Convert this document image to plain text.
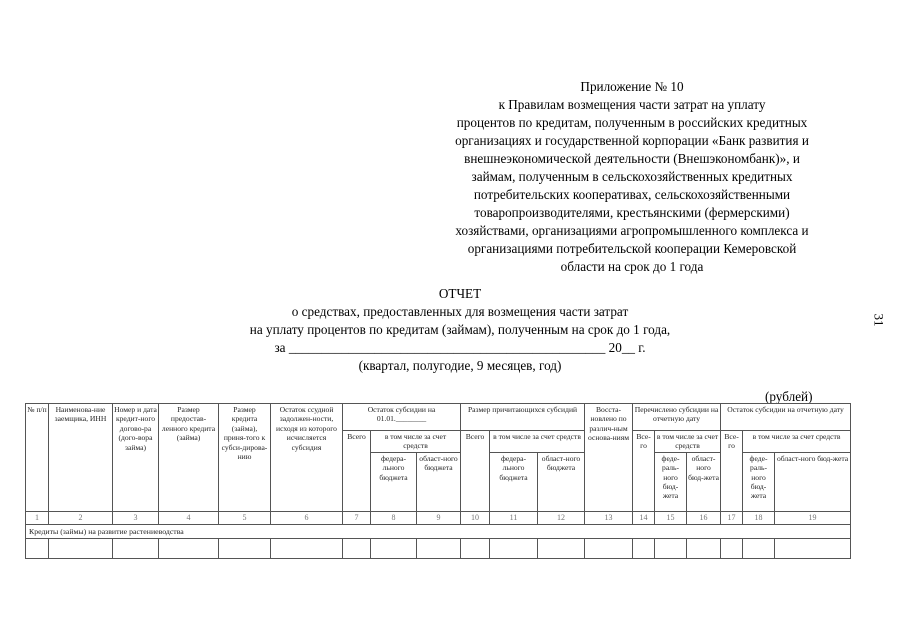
Приложение № 10
к Правилам возмещения части затрат на уплату
процентов по кредитам, полученным в российских кредитных
организациях и государственной корпорации «Банк развития и
внешнеэкономической деятельности (Внешэкономбанк)», и
займам, полученным в сельскохозяйственных кредитных
потребительских кооперативах, сельскохозяйственными
товаропроизводителями, крестьянскими (фермерскими)
хозяйствами, организациями агропромышленного комплекса и
организациями потребительской кооперации Кемеровской
области на срок до 1 года
ОТЧЕТ
о средствах, предоставленных для возмещения части затрат
на уплату процентов по кредитам (займам), полученным на срок до 1 года,
за ________________________________________________ 20__ г.
(квартал, полугодие, 9 месяцев, год)
31
(рублей)
№ п/п	Наименова-ние заемщика, ИНН	Номер и дата кредит-ного догово-ра (дого-вора займа)	Размер предостав-ленного кредита (займа)	Размер кредита (займа), приня-того к субси-дирова-нию	Остаток ссудной задолжен-ности, исходя из которого исчисляется субсидия	Остаток субсидии на 01.01.________			Размер причитающихся субсидий			Восста-новлено по различ-ным основа-ниям	Перечислено субсидии на отчетную дату			Остаток субсидии на отчетную дату		
						Всего	в том числе за счет средств		Всего	в том числе за счет средств			Все-го	в том числе за счет средств		Все-го	в том числе за счет средств	
							федера-льного бюджета	област-ного бюджета		федера-льного бюджета	област-ного бюджета			феде-раль-ного бюд-жета	област-ного бюд-жета		феде-раль-ного бюд-жета	област-ного бюд-жета
1	2	3	4	5	6	7	8	9	10	11	12	13	14	15	16	17	18	19
Кредиты (займы) на развитие растениеводства																		
